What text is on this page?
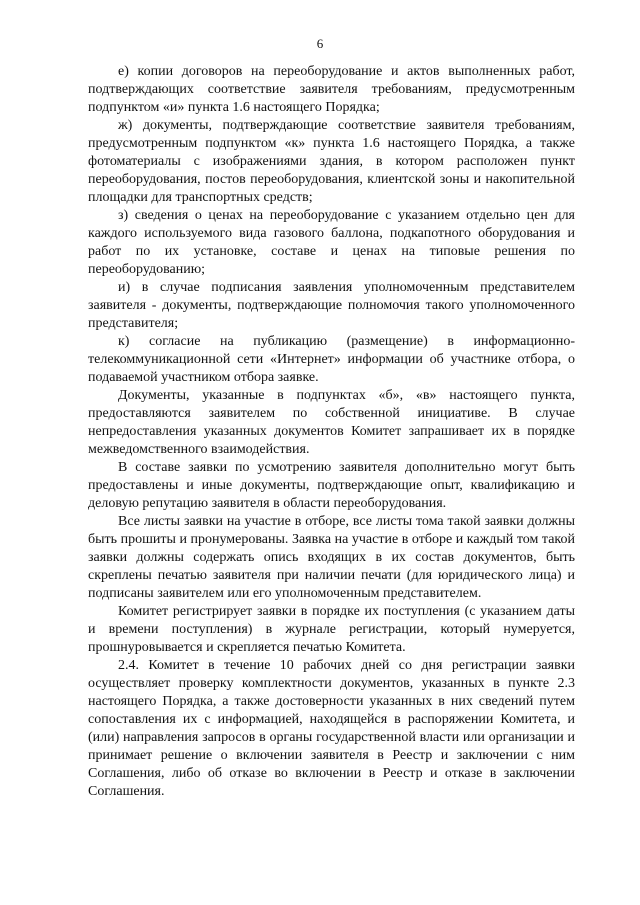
6

е) копии договоров на переоборудование и актов выполненных работ, подтверждающих соответствие заявителя требованиям, предусмотренным подпунктом «и» пункта 1.6 настоящего Порядка;

ж) документы, подтверждающие соответствие заявителя требованиям, предусмотренным подпунктом «к» пункта 1.6 настоящего Порядка, а также фотоматериалы с изображениями здания, в котором расположен пункт переоборудования, постов переоборудования, клиентской зоны и накопительной площадки для транспортных средств;

з) сведения о ценах на переоборудование с указанием отдельно цен для каждого используемого вида газового баллона, подкапотного оборудования и работ по их установке, составе и ценах на типовые решения по переоборудованию;

и) в случае подписания заявления уполномоченным представителем заявителя - документы, подтверждающие полномочия такого уполномоченного представителя;

к) согласие на публикацию (размещение) в информационно-телекоммуникационной сети «Интернет» информации об участнике отбора, о подаваемой участником отбора заявке.

Документы, указанные в подпунктах «б», «в» настоящего пункта, предоставляются заявителем по собственной инициативе. В случае непредоставления указанных документов Комитет запрашивает их в порядке межведомственного взаимодействия.

В составе заявки по усмотрению заявителя дополнительно могут быть предоставлены и иные документы, подтверждающие опыт, квалификацию и деловую репутацию заявителя в области переоборудования.

Все листы заявки на участие в отборе, все листы тома такой заявки должны быть прошиты и пронумерованы. Заявка на участие в отборе и каждый том такой заявки должны содержать опись входящих в их состав документов, быть скреплены печатью заявителя при наличии печати (для юридического лица) и подписаны заявителем или его уполномоченным представителем.

Комитет регистрирует заявки в порядке их поступления (с указанием даты и времени поступления) в журнале регистрации, который нумеруется, прошнуровывается и скрепляется печатью Комитета.

2.4. Комитет в течение 10 рабочих дней со дня регистрации заявки осуществляет проверку комплектности документов, указанных в пункте 2.3 настоящего Порядка, а также достоверности указанных в них сведений путем сопоставления их с информацией, находящейся в распоряжении Комитета, и (или) направления запросов в органы государственной власти или организации и принимает решение о включении заявителя в Реестр и заключении с ним Соглашения, либо об отказе во включении в Реестр и отказе в заключении Соглашения.
